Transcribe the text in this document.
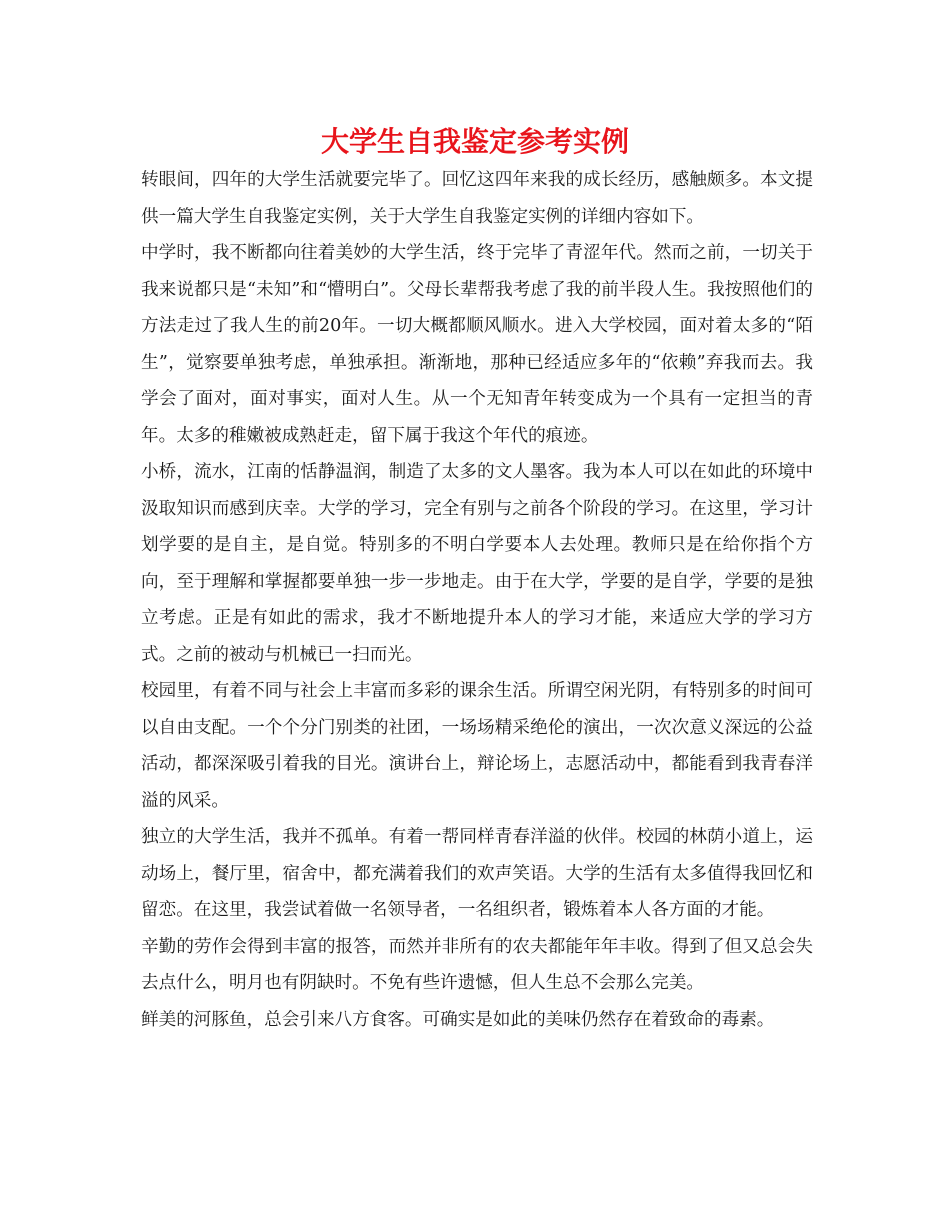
大学生自我鉴定参考实例

转眼间，四年的大学生活就要完毕了。回忆这四年来我的成长经历，感触颇多。本文提供一篇大学生自我鉴定实例，关于大学生自我鉴定实例的详细内容如下。

中学时，我不断都向往着美妙的大学生活，终于完毕了青涩年代。然而之前，一切关于我来说都只是“未知”和“懵明白”。父母长辈帮我考虑了我的前半段人生。我按照他们的方法走过了我人生的前20年。一切大概都顺风顺水。进入大学校园，面对着太多的“陌生”，觉察要单独考虑，单独承担。渐渐地，那种已经适应多年的“依赖”弃我而去。我学会了面对，面对事实，面对人生。从一个无知青年转变成为一个具有一定担当的青年。太多的稚嫩被成熟赶走，留下属于我这个年代的痕迹。

小桥，流水，江南的恬静温润，制造了太多的文人墨客。我为本人可以在如此的环境中汲取知识而感到庆幸。大学的学习，完全有别与之前各个阶段的学习。在这里，学习计划学要的是自主，是自觉。特别多的不明白学要本人去处理。教师只是在给你指个方向，至于理解和掌握都要单独一步一步地走。由于在大学，学要的是自学，学要的是独立考虑。正是有如此的需求，我才不断地提升本人的学习才能，来适应大学的学习方式。之前的被动与机械已一扫而光。

校园里，有着不同与社会上丰富而多彩的课余生活。所谓空闲光阴，有特别多的时间可以自由支配。一个个分门别类的社团，一场场精采绝伦的演出，一次次意义深远的公益活动，都深深吸引着我的目光。演讲台上，辩论场上，志愿活动中，都能看到我青春洋溢的风采。

独立的大学生活，我并不孤单。有着一帮同样青春洋溢的伙伴。校园的林荫小道上，运动场上，餐厅里，宿舍中，都充满着我们的欢声笑语。大学的生活有太多值得我回忆和留恋。在这里，我尝试着做一名领导者，一名组织者，锻炼着本人各方面的才能。

辛勤的劳作会得到丰富的报答，而然并非所有的农夫都能年年丰收。得到了但又总会失去点什么，明月也有阴缺时。不免有些许遗憾，但人生总不会那么完美。

鲜美的河豚鱼，总会引来八方食客。可确实是如此的美味仍然存在着致命的毒素。
